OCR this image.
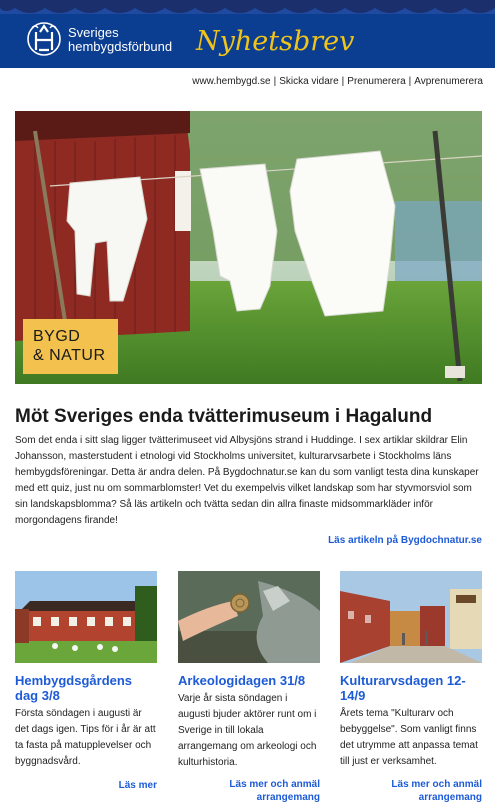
Sveriges
hembygdsförbund Nyhetsbrev
www.hembygd.se | Skicka vidare | Prenumerera | Avprenumerera
BYGD
& NATUR
Möt Sveriges enda tvätterimuseum i Hagalund

Som det enda i sitt slag ligger tvätterimuseet vid Albysjöns strand i Huddinge. I sex artiklar skildrar Elin Johansson, masterstudent i etnologi vid Stockholms universitet, kulturarvsarbete i Stockholms läns hembygdsföreningar. Detta är andra delen. På Bygdochnatur.se kan du som vanligt testa dina kunskaper med ett quiz, just nu om sommarblomster! Vet du exempelvis vilket landskap som har styvmorsviol som sin landskapsblomma? Så läs artikeln och tvätta sedan din allra finaste midsommarkläder inför morgondagens firande!

Läs artikeln på Bygdochnatur.se
Hembygdsgårdens dag 3/8

Första söndagen i augusti är det dags igen. Tips för i år är att ta fasta på matupplevelser och byggnadsvård.

Läs mer
Arkeologidagen 31/8

Varje år sista söndagen i augusti bjuder aktörer runt om i Sverige in till lokala arrangemang om arkeologi och kulturhistoria.

Läs mer och anmäl arrangemang
Kulturarvsdagen 12-14/9

Årets tema "Kulturarv och bebyggelse". Som vanligt finns det utrymme att anpassa temat till just er verksamhet.

Läs mer och anmäl arrangemang
